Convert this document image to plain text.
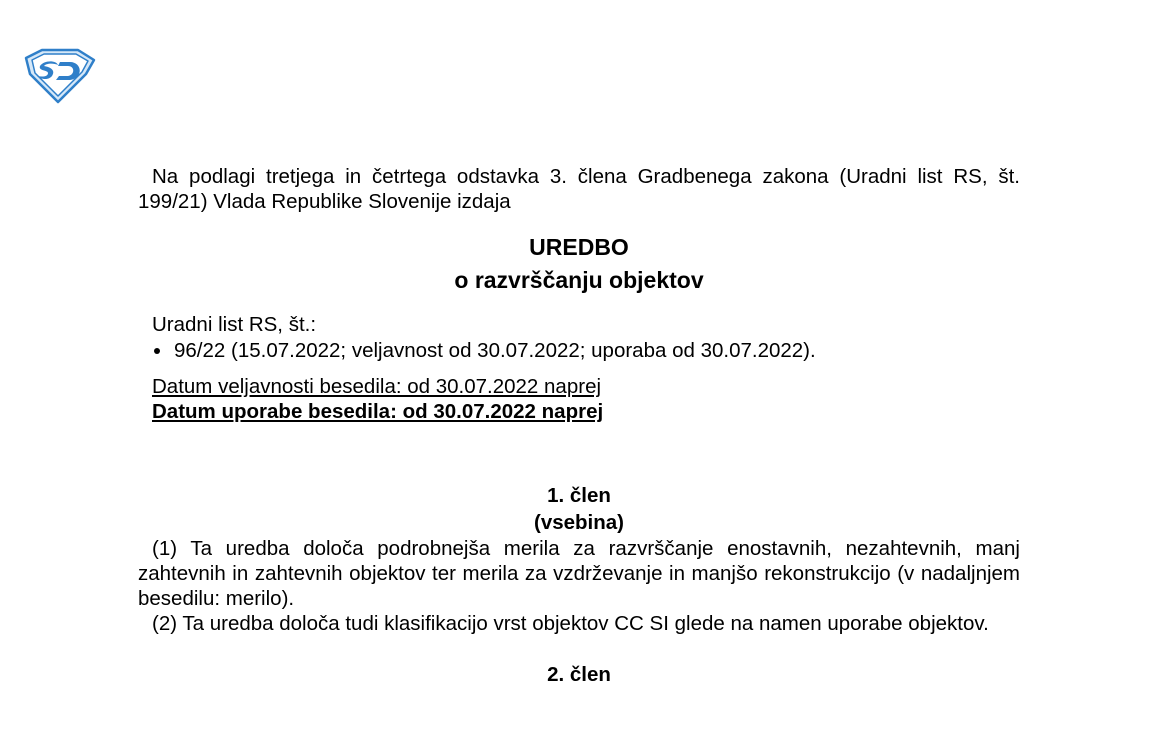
Na podlagi tretjega in četrtega odstavka 3. člena Gradbenega zakona (Uradni list RS, št. 199/21) Vlada Republike Slovenije izdaja

UREDBO
o razvrščanju objektov
Uradni list RS, št.:
96/22 (15.07.2022; veljavnost od 30.07.2022; uporaba od 30.07.2022).
Datum veljavnosti besedila: od 30.07.2022 naprej
Datum uporabe besedila: od 30.07.2022 naprej
1. člen
(vsebina)

(1) Ta uredba določa podrobnejša merila za razvrščanje enostavnih, nezahtevnih, manj zahtevnih in zahtevnih objektov ter merila za vzdrževanje in manjšo rekonstrukcijo (v nadaljnjem besedilu: merilo).

(2) Ta uredba določa tudi klasifikacijo vrst objektov CC SI glede na namen uporabe objektov.

2. člen
